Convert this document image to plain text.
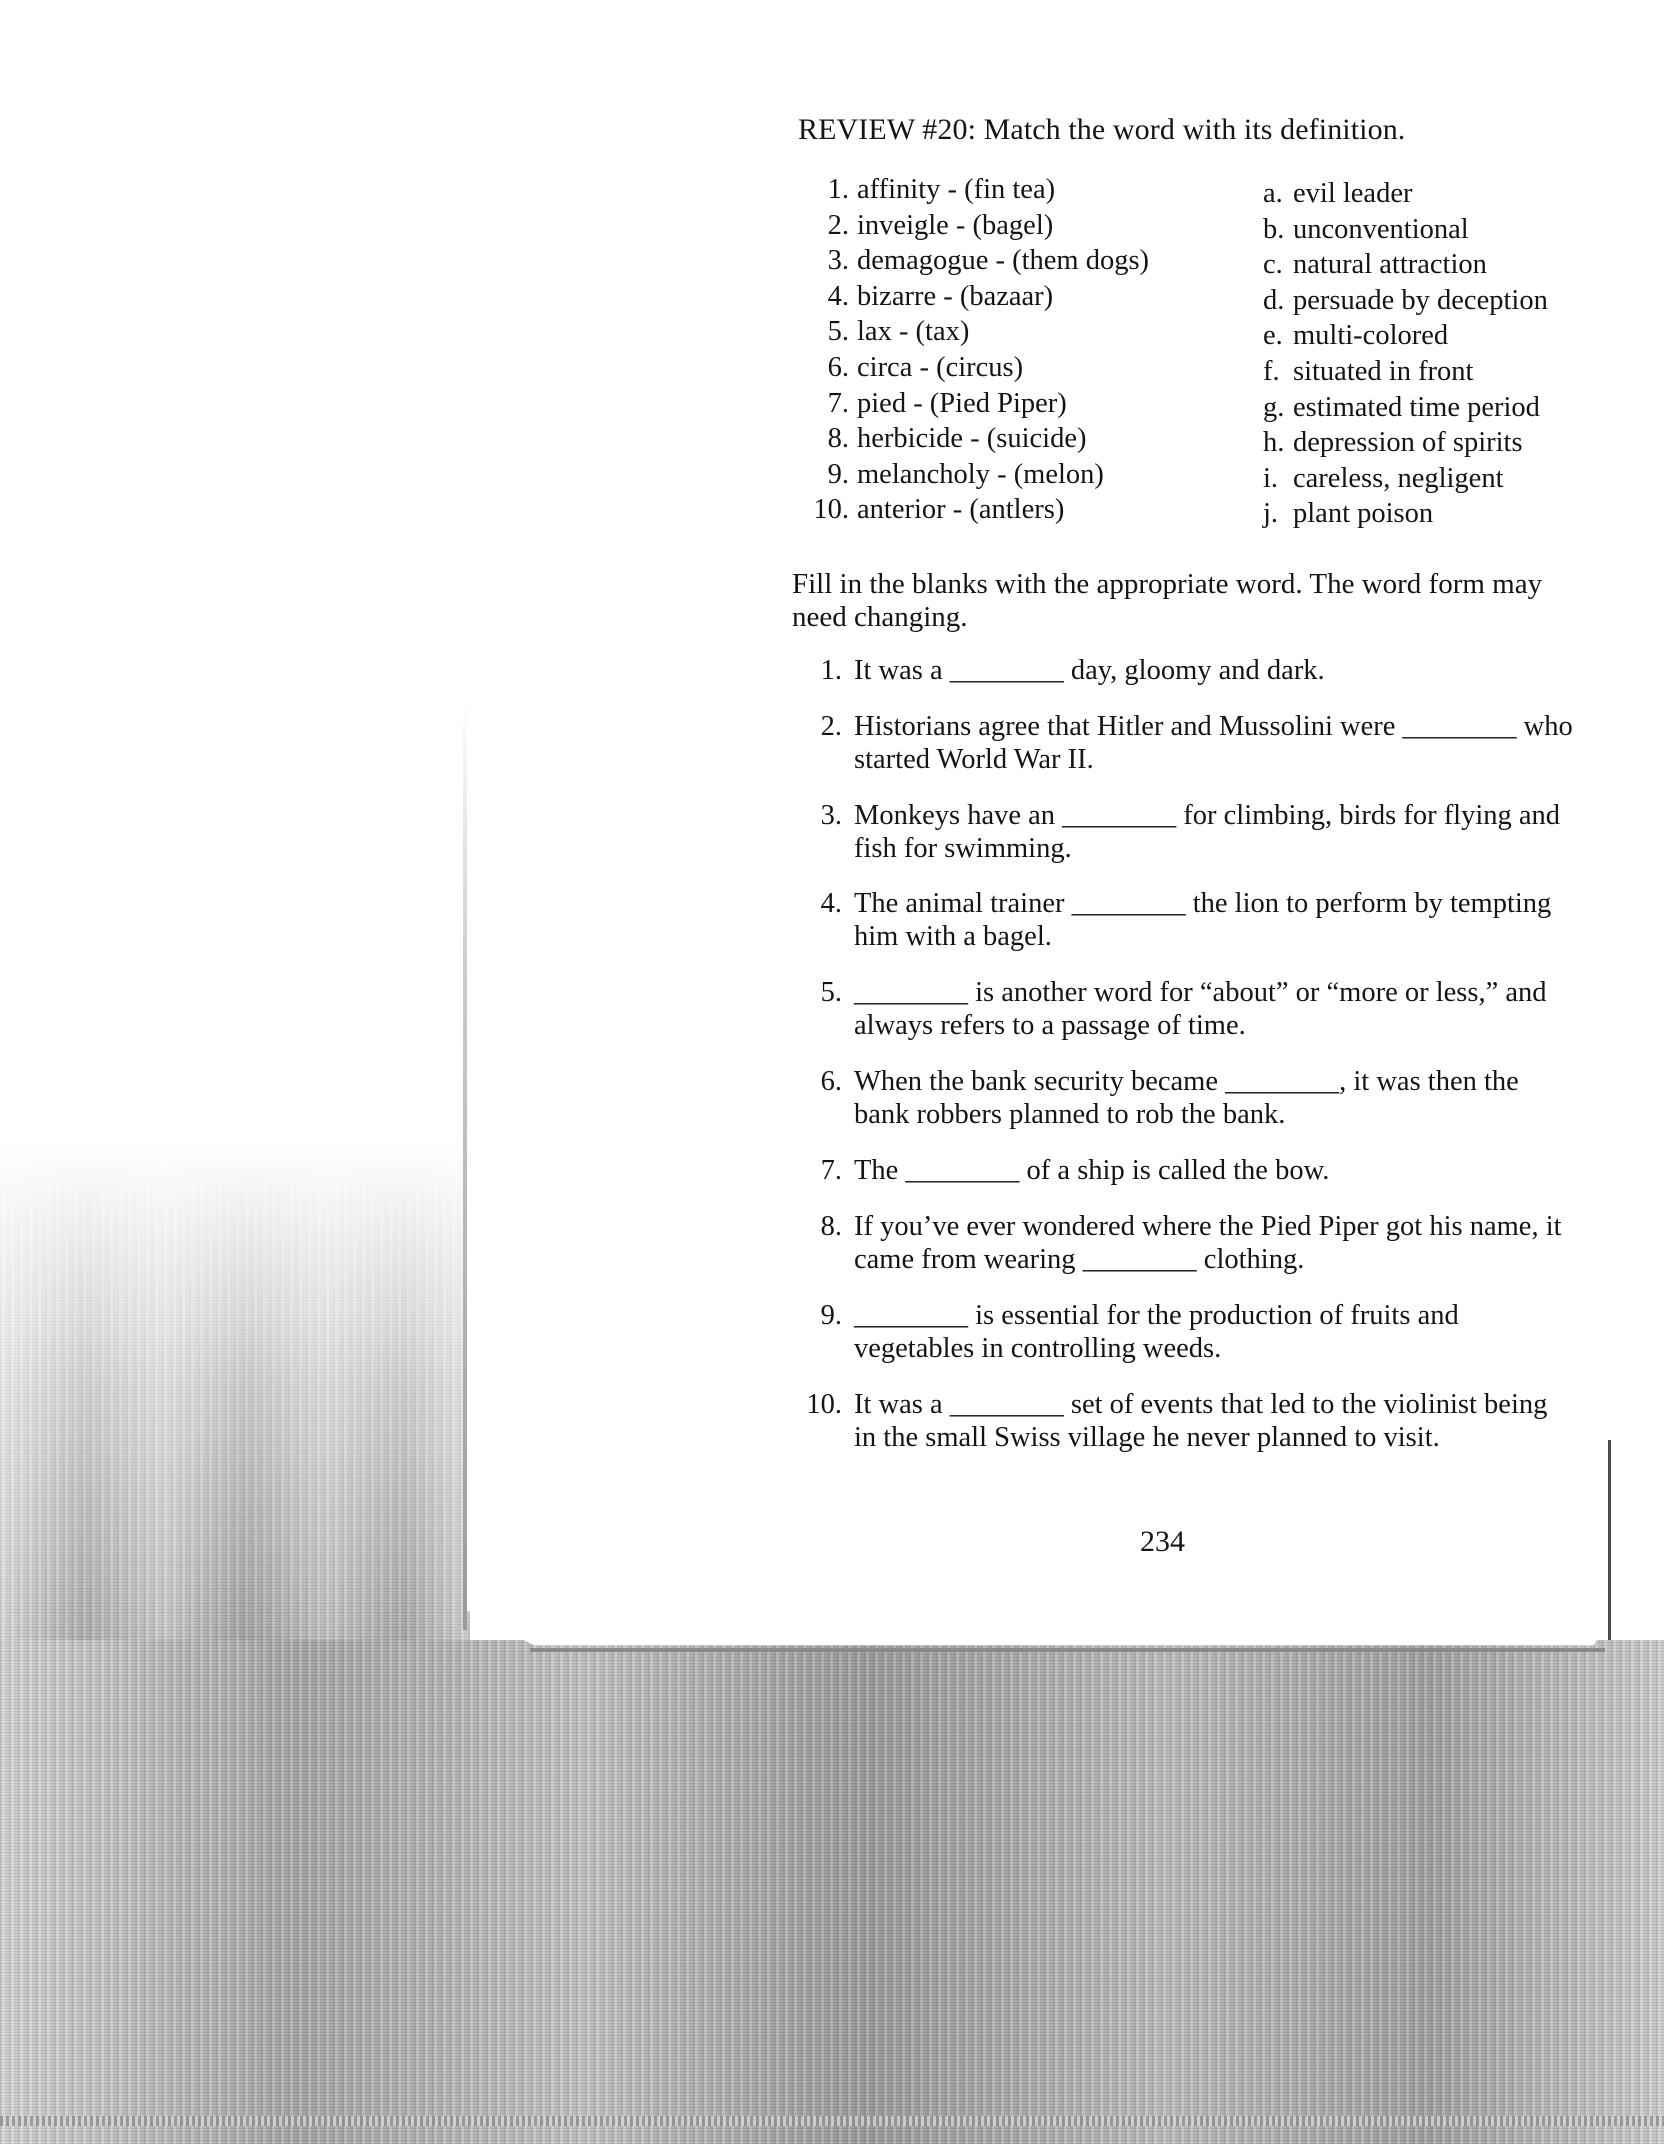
REVIEW #20: Match the word with its definition.
1. affinity - (fin tea)
2. inveigle - (bagel)
3. demagogue - (them dogs)
4. bizarre - (bazaar)
5. lax - (tax)
6. circa - (circus)
7. pied - (Pied Piper)
8. herbicide - (suicide)
9. melancholy - (melon)
10. anterior - (antlers)
a. evil leader
b. unconventional
c. natural attraction
d. persuade by deception
e. multi-colored
f. situated in front
g. estimated time period
h. depression of spirits
i. careless, negligent
j. plant poison
Fill in the blanks with the appropriate word. The word form may need changing.
1. It was a ________ day, gloomy and dark.
2. Historians agree that Hitler and Mussolini were ________ who started World War II.
3. Monkeys have an ________ for climbing, birds for flying and fish for swimming.
4. The animal trainer ________ the lion to perform by tempting him with a bagel.
5. ________ is another word for “about” or “more or less,” and always refers to a passage of time.
6. When the bank security became ________, it was then the bank robbers planned to rob the bank.
7. The ________ of a ship is called the bow.
8. If you’ve ever wondered where the Pied Piper got his name, it came from wearing ________ clothing.
9. ________ is essential for the production of fruits and vegetables in controlling weeds.
10. It was a ________ set of events that led to the violinist being in the small Swiss village he never planned to visit.
234
